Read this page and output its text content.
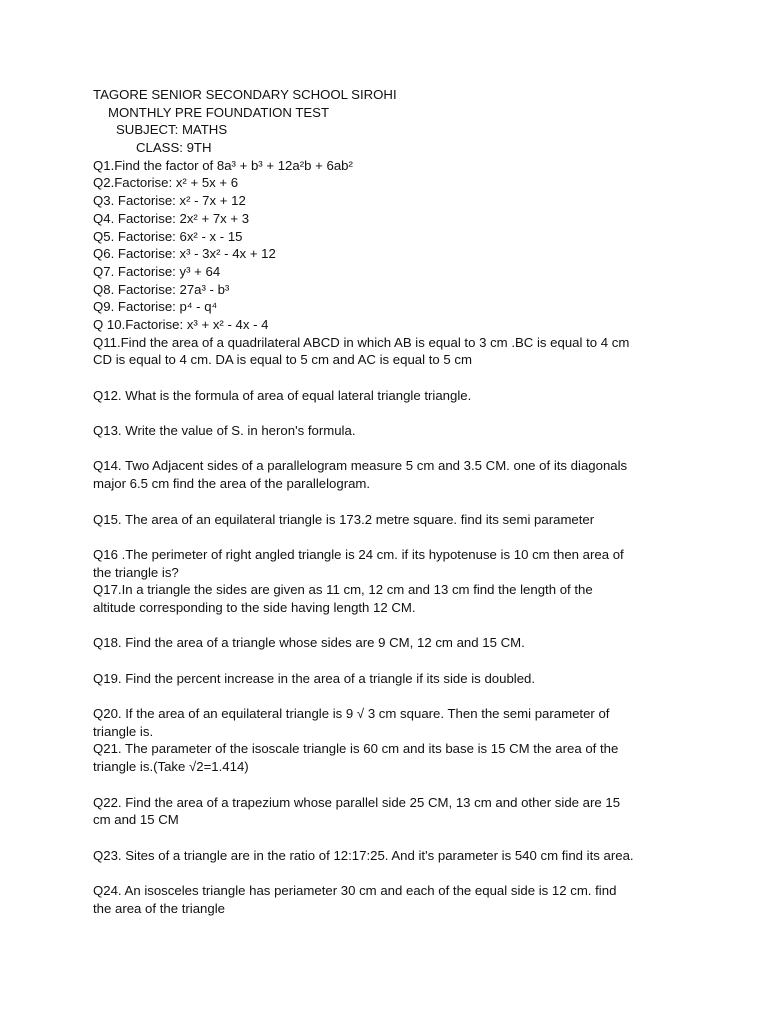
TAGORE SENIOR SECONDARY SCHOOL SIROHI

MONTHLY PRE FOUNDATION TEST

SUBJECT: MATHS

CLASS: 9TH

Q1.Find the factor of 8a³ + b³ + 12a²b + 6ab²

Q2.Factorise: x² + 5x + 6

Q3. Factorise: x² - 7x + 12

Q4. Factorise: 2x² + 7x + 3

Q5. Factorise: 6x² - x - 15

Q6. Factorise: x³ - 3x² - 4x + 12

Q7. Factorise: y³ + 64

Q8. Factorise: 27a³ - b³

Q9. Factorise: p⁴ - q⁴

Q 10.Factorise: x³ + x² - 4x - 4

Q11.Find the area of a quadrilateral ABCD in which AB is equal to 3 cm .BC is equal to 4 cm

CD is equal to 4 cm. DA is equal to 5 cm and AC is equal to 5 cm

Q12. What is the formula of area of equal lateral triangle triangle.

Q13. Write the value of S. in heron's formula.

Q14. Two Adjacent sides of a parallelogram measure 5 cm and 3.5 CM. one of its diagonals

major 6.5 cm find the area of the parallelogram.

Q15. The area of an equilateral triangle is 173.2 metre square. find its semi parameter

Q16 .The perimeter of right angled triangle is 24 cm. if its hypotenuse is 10 cm then area of

the triangle is?

Q17.In a triangle the sides are given as 11 cm, 12 cm and 13 cm find the length of the

altitude corresponding to the side having length 12 CM.

Q18. Find the area of a triangle whose sides are 9 CM, 12 cm and 15 CM.

Q19. Find the percent increase in the area of a triangle if its side is doubled.

Q20. If the area of an equilateral triangle is 9 √ 3 cm square. Then the semi parameter of

triangle is.

Q21. The parameter of the isoscale triangle is 60 cm and its base is 15 CM the area of the

triangle is.(Take √2=1.414)

Q22. Find the area of a trapezium whose parallel side 25 CM, 13 cm and other side are 15

cm and 15 CM

Q23. Sites of a triangle are in the ratio of 12:17:25. And it's parameter is 540 cm find its area.

Q24. An isosceles triangle has periameter 30 cm and each of the equal side is 12 cm. find

the area of the triangle
